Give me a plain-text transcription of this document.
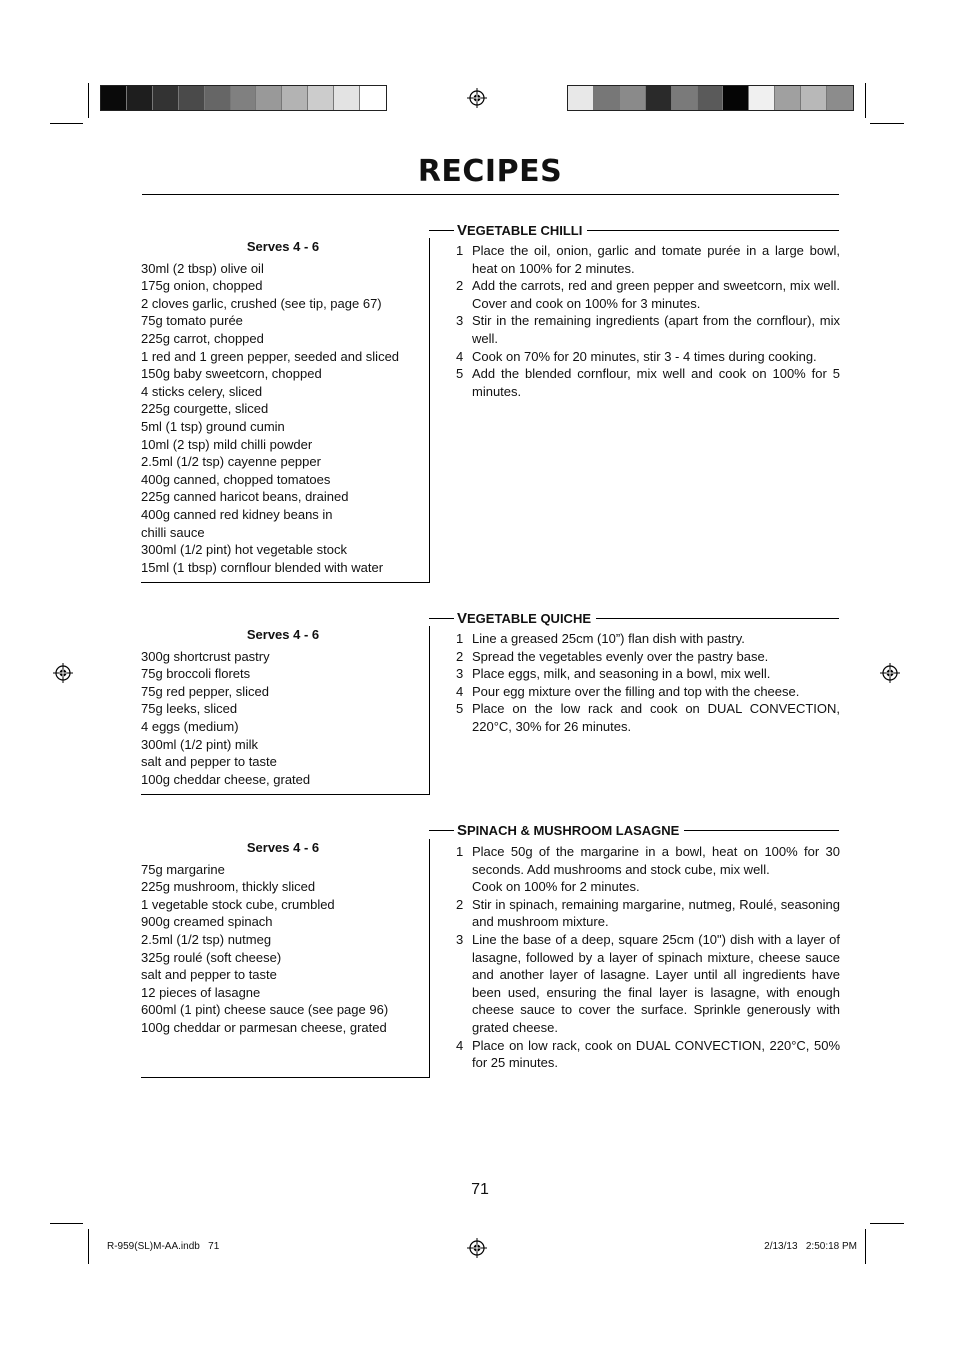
RECIPES
Serves 4 - 6
30ml (2 tbsp) olive oil
175g onion, chopped
2 cloves garlic, crushed (see tip, page 67)
75g tomato purée
225g carrot, chopped
1 red and 1 green pepper, seeded and sliced
150g baby sweetcorn, chopped
4 sticks celery, sliced
225g courgette, sliced
5ml (1 tsp) ground cumin
10ml (2 tsp) mild chilli powder
2.5ml (1/2 tsp) cayenne pepper
400g canned, chopped tomatoes
225g canned haricot beans, drained
400g canned red kidney beans in
chilli sauce
300ml (1/2 pint) hot vegetable stock
15ml (1 tbsp) cornflour blended with water
VEGETABLE CHILLI
1 Place the oil, onion, garlic and tomate purée in a large bowl, heat on 100% for 2 minutes.
2 Add the carrots, red and green pepper and sweetcorn, mix well. Cover and cook on 100% for 3 minutes.
3 Stir in the remaining ingredients (apart from the cornflour), mix well.
4 Cook on 70% for 20 minutes, stir 3 - 4 times during cooking.
5 Add the blended cornflour, mix well and cook on 100% for 5 minutes.
Serves 4 - 6
300g shortcrust pastry
75g broccoli florets
75g red pepper, sliced
75g leeks, sliced
4 eggs (medium)
300ml (1/2 pint) milk
salt and pepper to taste
100g cheddar cheese, grated
VEGETABLE QUICHE
1 Line a greased 25cm (10”) flan dish with pastry.
2 Spread the vegetables evenly over the pastry base.
3 Place eggs, milk, and seasoning in a bowl, mix well.
4 Pour egg mixture over the filling and top with the cheese.
5 Place on the low rack and cook on DUAL CONVECTION, 220°C, 30% for 26 minutes.
Serves 4 - 6
75g margarine
225g mushroom, thickly sliced
1 vegetable stock cube, crumbled
900g creamed spinach
2.5ml (1/2 tsp) nutmeg
325g roulé (soft cheese)
salt and pepper to taste
12 pieces of lasagne
600ml (1 pint) cheese sauce (see page 96)
100g cheddar or parmesan cheese, grated
SPINACH & MUSHROOM LASAGNE
1 Place 50g of the margarine in a bowl, heat on 100% for 30 seconds. Add mushrooms and stock cube, mix well.
Cook on 100% for 2 minutes.
2 Stir in spinach, remaining margarine, nutmeg, Roulé, seasoning and mushroom mixture.
3 Line the base of a deep, square 25cm (10") dish with a layer of lasagne, followed by a layer of spinach mixture, cheese sauce and another layer of lasagne. Layer until all ingredients have been used, ensuring the final layer is lasagne, with enough cheese sauce to cover the surface. Sprinkle generously with grated cheese.
4 Place on low rack, cook on DUAL CONVECTION, 220°C, 50% for 25 minutes.
71
R-959(SL)M-AA.indb   71	2/13/13   2:50:18 PM
